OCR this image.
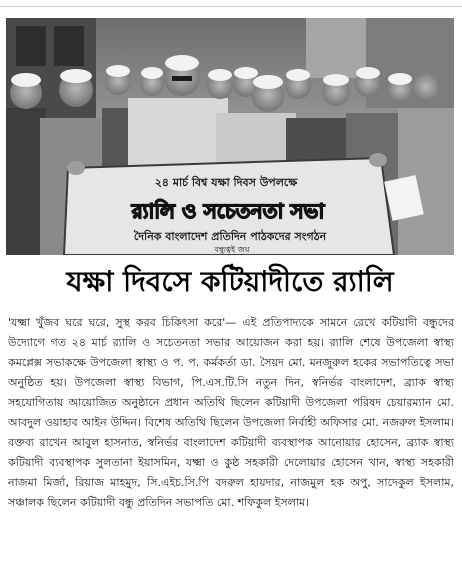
২৪ মার্চ বিশ্ব যক্ষা দিবস উপলক্ষে
র‌্যালি ও সচেতনতা সভা
দৈনিক বাংলাদেশ প্রতিদিন পাঠকদের সংগঠন
বন্ধুত্বই জয়
যক্ষা দিবসে কটিয়াদীতে র‌্যালি

'যক্ষ্মা খুঁজব ঘরে ঘরে, সুস্থ করব চিকিৎসা করে'— এই প্রতিপাদ্যকে সামনে রেখে কটিয়াদী বন্ধুদের উদ্যোগে গত ২৪ মার্চ র‌্যালি ও সচেতনতা সভার আয়োজন করা হয়। র‌্যালি শেষে উপজেলা স্বাস্থ্য কমপ্লেক্স সভাকক্ষে উপজেলা স্বাস্থ্য ও প. প. কর্মকর্তা ডা. সৈয়দ মো. মনজুরুল হকের সভাপতিত্বে সভা অনুষ্ঠিত হয়। উপজেলা স্বাস্থ্য বিভাগ, পি.এস.টি.সি নতুন দিন, স্বনির্ভর বাংলাদেশ, ব্র্যাক স্বাস্থ্য সহযোগিতায় আয়োজিত অনুষ্ঠানে প্রধান অতিথি ছিলেন কটিয়াদী উপজেলা পরিষদ চেয়ারম্যান মো. আবদুল ওয়াহাব আইন উদ্দিন। বিশেষ অতিথি ছিলেন উপজেলা নির্বাহী অফিসার মো. নজরুল ইসলাম। বক্তব্য রাখেন আবুল হাসনাত, স্বনির্ভর বাংলাদেশ কটিয়াদী ব্যবস্থাপক আনোয়ার হোসেন, ব্র্যাক স্বাস্থ্য কটিয়াদী ব্যবস্থাপক সুলতানা ইয়াসমিন, যক্ষ্মা ও কুষ্ঠ সহকারী দেলোয়ার হোসেন খান, স্বাস্থ্য সহকারী নাজমা মির্জা, রিয়াজ মাহমুদ, সি.এইচ.সি.পি বদরুল হায়দার, নাজমুল হক অপু, সাদেকুল ইসলাম, সঞ্চালক ছিলেন কটিয়াদী বন্ধু প্রতিদিন সভাপতি মো. শফিকুল ইসলাম।
